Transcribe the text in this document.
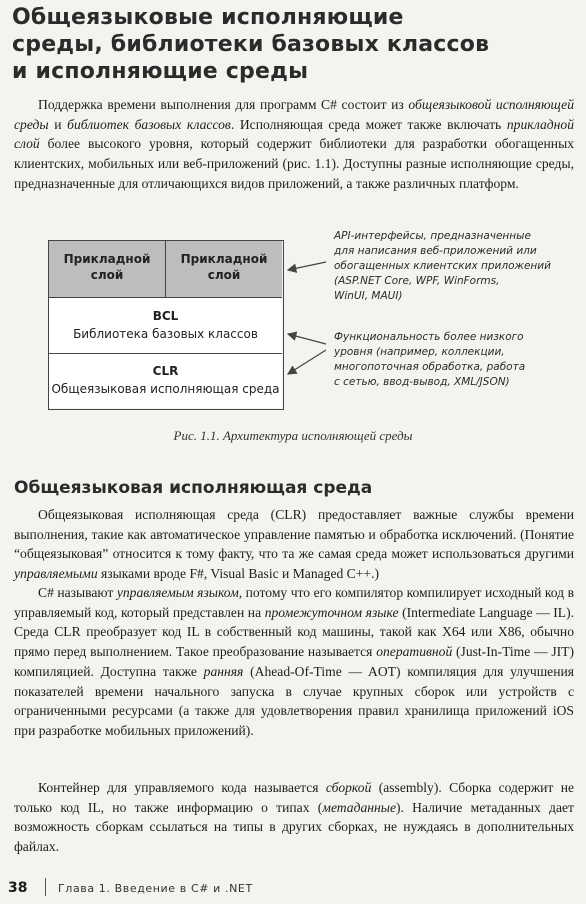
Общеязыковые исполняющие
среды, библиотеки базовых классов
и исполняющие среды

Поддержка времени выполнения для программ C# состоит из общеязыковой исполняющей среды и библиотек базовых классов. Исполняющая среда может также включать прикладной слой более высокого уровня, который содержит библиотеки для разработки обогащенных клиентских, мобильных или веб-приложений (рис. 1.1). Доступны разные исполняющие среды, предназначенные для отличающихся видов приложений, а также различных платформ.

Прикладной слой
Прикладной слой
BCL
Библиотека базовых классов
CLR
Общеязыковая исполняющая среда
API-интерфейсы, предназначенные
для написания веб-приложений или
обогащенных клиентских приложений
(ASP.NET Core, WPF, WinForms,
WinUI, MAUI)
Функциональность более низкого
уровня (например, коллекции,
многопоточная обработка, работа
с сетью, ввод-вывод, XML/JSON)
Рис. 1.1. Архитектура исполняющей среды
Общеязыковая исполняющая среда

Общеязыковая исполняющая среда (CLR) предоставляет важные службы времени выполнения, такие как автоматическое управление памятью и обработка исключений. (Понятие “общеязыковая” относится к тому факту, что та же самая среда может использоваться другими управляемыми языками вроде F#, Visual Basic и Managed C++.)

C# называют управляемым языком, потому что его компилятор компилирует исходный код в управляемый код, который представлен на промежуточном языке (Intermediate Language — IL). Среда CLR преобразует код IL в собственный код машины, такой как X64 или X86, обычно прямо перед выполнением. Такое преобразование называется оперативной (Just-In-Time — JIT) компиляцией. Доступна также ранняя (Ahead-Of-Time — AOT) компиляция для улучшения показателей времени начального запуска в случае крупных сборок или устройств с ограниченными ресурсами (а также для удовлетворения правил хранилища приложений iOS при разработке мобильных приложений).

Контейнер для управляемого кода называется сборкой (assembly). Сборка содержит не только код IL, но также информацию о типах (метаданные). Наличие метаданных дает возможность сборкам ссылаться на типы в других сборках, не нуждаясь в дополнительных файлах.

38	Глава 1. Введение в C# и .NET
